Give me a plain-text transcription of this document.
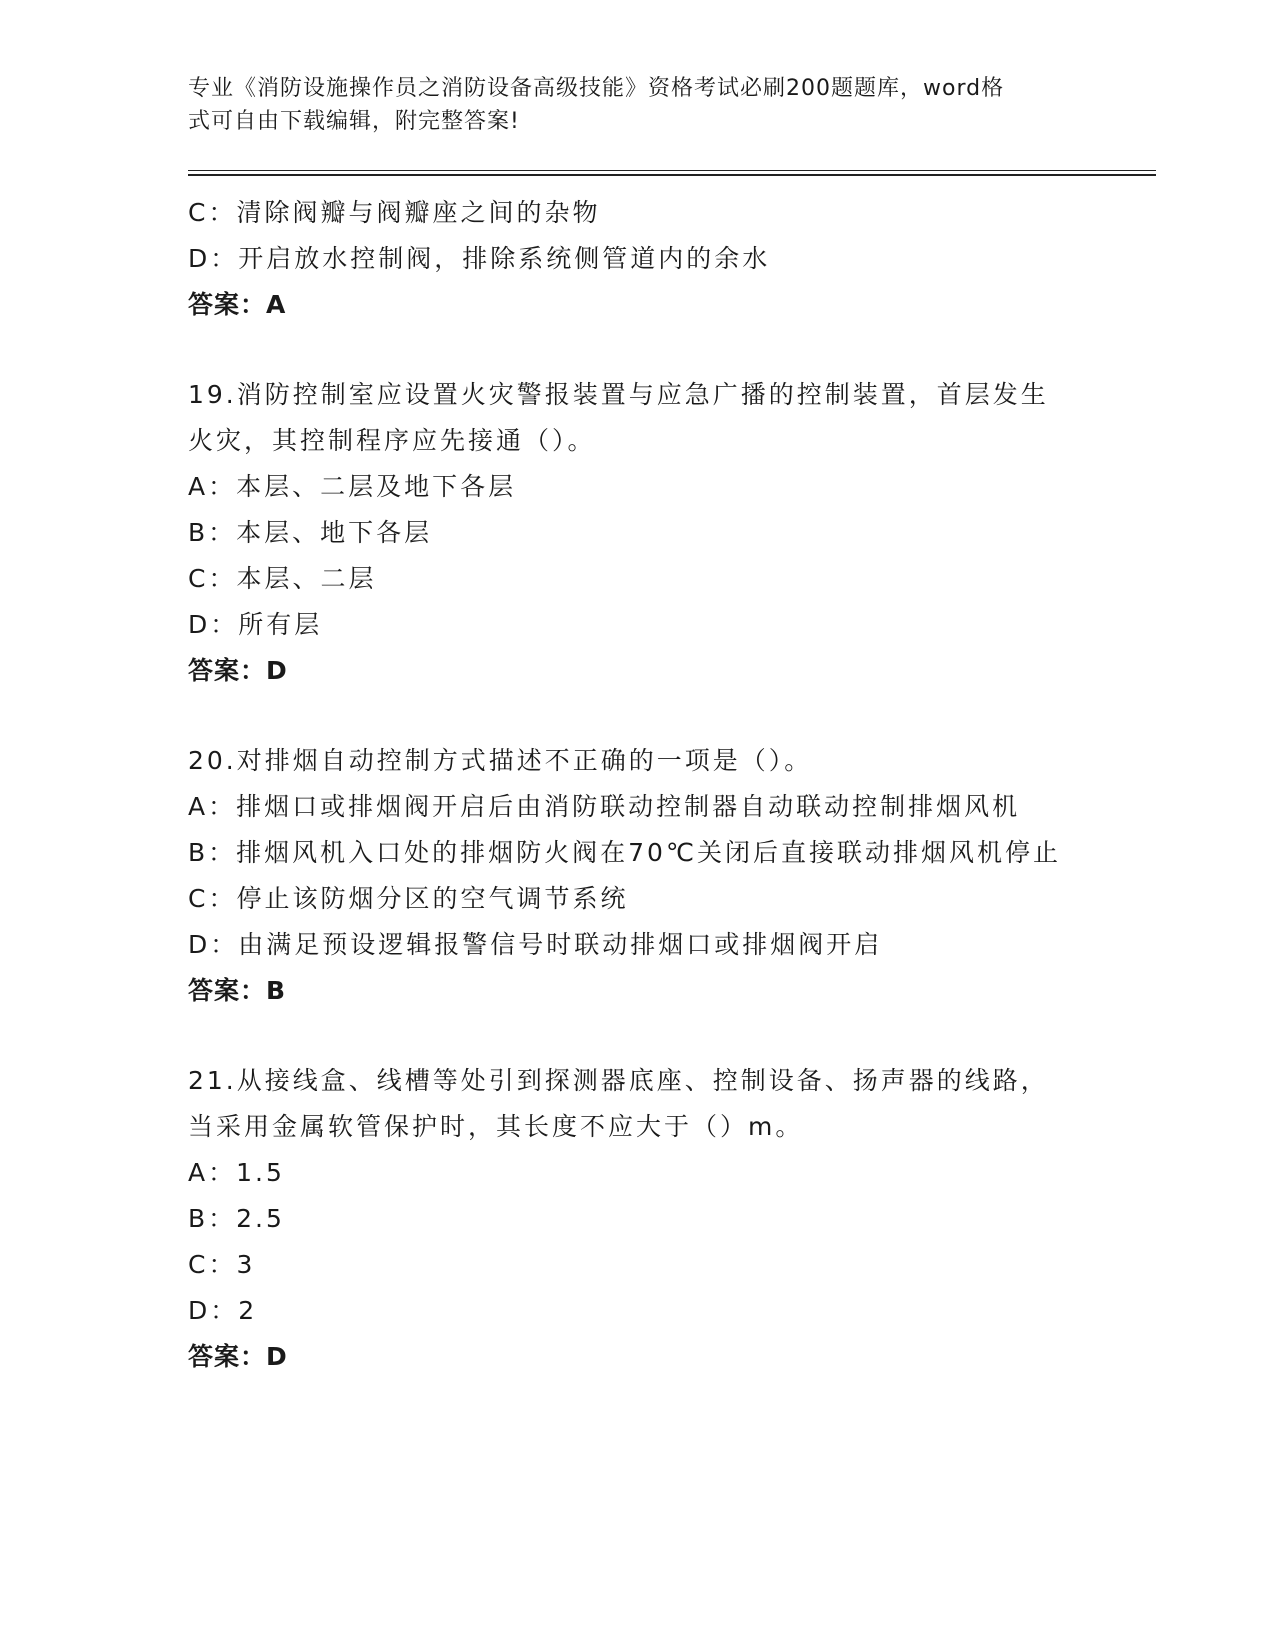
专业《消防设施操作员之消防设备高级技能》资格考试必刷200题题库，word格
式可自由下载编辑，附完整答案!
C：清除阀瓣与阀瓣座之间的杂物
D：开启放水控制阀，排除系统侧管道内的余水
答案：A
19.消防控制室应设置火灾警报装置与应急广播的控制装置，首层发生
火灾，其控制程序应先接通（）。
A：本层、二层及地下各层
B：本层、地下各层
C：本层、二层
D：所有层
答案：D
20.对排烟自动控制方式描述不正确的一项是（）。
A：排烟口或排烟阀开启后由消防联动控制器自动联动控制排烟风机
B：排烟风机入口处的排烟防火阀在70℃关闭后直接联动排烟风机停止
C：停止该防烟分区的空气调节系统
D：由满足预设逻辑报警信号时联动排烟口或排烟阀开启
答案：B
21.从接线盒、线槽等处引到探测器底座、控制设备、扬声器的线路，
当采用金属软管保护时，其长度不应大于（）m。
A：1.5
B：2.5
C：3
D：2
答案：D
